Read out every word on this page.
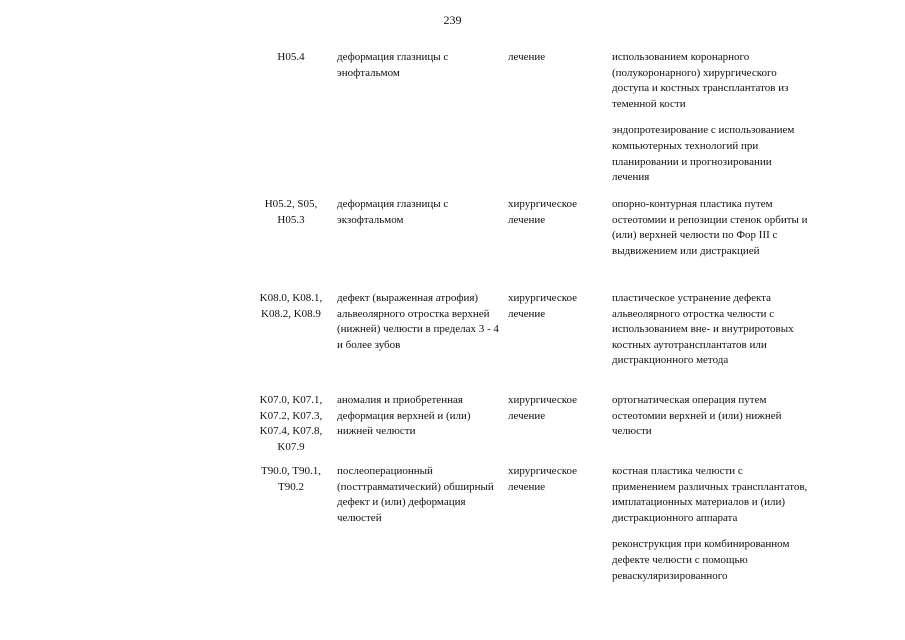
239
H05.4	деформация глазницы с энофтальмом
лечение	использованием коронарного (полукоронарного) хирургического доступа и костных трансплантатов из теменной кости

эндопротезирование с использованием компьютерных технологий при планировании и прогнозировании лечения

H05.2, S05, H05.3
деформация глазницы с экзофтальмом
хирургическое лечение

опорно-контурная пластика путем остеотомии и репозиции стенок орбиты и (или) верхней челюсти по Фор III с выдвижением или дистракцией

K08.0, K08.1, K08.2, K08.9
дефект (выраженная атрофия) альвеолярного отростка верхней (нижней) челюсти в пределах 3 - 4 и более зубов
хирургическое лечение

пластическое устранение дефекта альвеолярного отростка челюсти с использованием вне- и внутриротовых костных аутотрансплантатов или дистракционного метода

K07.0, K07.1, K07.2, K07.3, K07.4, K07.8, K07.9
аномалия и приобретенная деформация верхней и (или) нижней челюсти
хирургическое лечение

ортогнатическая операция путем остеотомии верхней и (или) нижней челюсти

T90.0, T90.1, T90.2
послеоперационный (посттравматический) обширный дефект и (или) деформация челюстей
хирургическое лечение

костная пластика челюсти с применением различных трансплантатов, имплатационных материалов и (или) дистракционного аппарата

реконструкция при комбинированном дефекте челюсти с помощью реваскуляризированного
